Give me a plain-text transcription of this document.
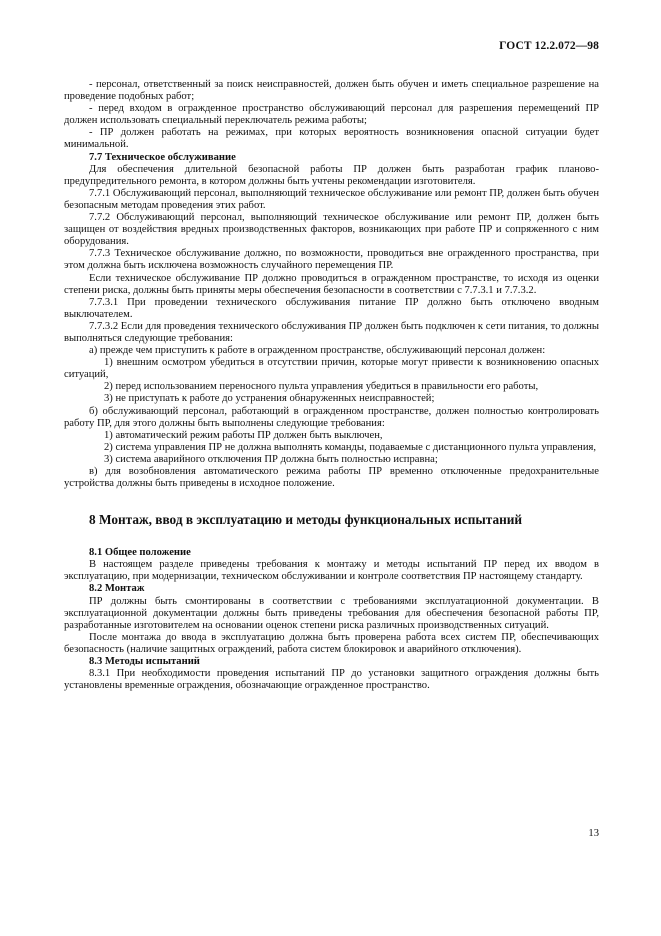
ГОСТ 12.2.072—98

- персонал, ответственный за поиск неисправностей, должен быть обучен и иметь специальное разрешение на проведение подобных работ;

- перед входом в огражденное пространство обслуживающий персонал для разрешения перемещений ПР должен использовать специальный переключатель режима работы;

- ПР должен работать на режимах, при которых вероятность возникновения опасной ситуации будет минимальной.

7.7 Техническое обслуживание

Для обеспечения длительной безопасной работы ПР должен быть разработан график планово-предупредительного ремонта, в котором должны быть учтены рекомендации изготовителя.

7.7.1 Обслуживающий персонал, выполняющий техническое обслуживание или ремонт ПР, должен быть обучен безопасным методам проведения этих работ.

7.7.2 Обслуживающий персонал, выполняющий техническое обслуживание или ремонт ПР, должен быть защищен от воздействия вредных производственных факторов, возникающих при работе ПР и сопряженного с ним оборудования.

7.7.3 Техническое обслуживание должно, по возможности, проводиться вне огражденного пространства, при этом должна быть исключена возможность случайного перемещения ПР.

Если техническое обслуживание ПР должно проводиться в огражденном пространстве, то исходя из оценки степени риска, должны быть приняты меры обеспечения безопасности в соответствии с 7.7.3.1 и 7.7.3.2.

7.7.3.1 При проведении технического обслуживания питание ПР должно быть отключено вводным выключателем.

7.7.3.2 Если для проведения технического обслуживания ПР должен быть подключен к сети питания, то должны выполняться следующие требования:

а) прежде чем приступить к работе в огражденном пространстве, обслуживающий персонал должен:

1) внешним осмотром убедиться в отсутствии причин, которые могут привести к возникновению опасных ситуаций,

2) перед использованием переносного пульта управления убедиться в правильности его работы,

3) не приступать к работе до устранения обнаруженных неисправностей;

б) обслуживающий персонал, работающий в огражденном пространстве, должен полностью контролировать работу ПР, для этого должны быть выполнены следующие требования:

1) автоматический режим работы ПР должен быть выключен,

2) система управления ПР не должна выполнять команды, подаваемые с дистанционного пульта управления,

3) система аварийного отключения ПР должна быть полностью исправна;

в) для возобновления автоматического режима работы ПР временно отключенные предохранительные устройства должны быть приведены в исходное положение.

8 Монтаж, ввод в эксплуатацию и методы функциональных испытаний

8.1 Общее положение

В настоящем разделе приведены требования к монтажу и методы испытаний ПР перед их вводом в эксплуатацию, при модернизации, техническом обслуживании и контроле соответствия ПР настоящему стандарту.

8.2 Монтаж

ПР должны быть смонтированы в соответствии с требованиями эксплуатационной документации. В эксплуатационной документации должны быть приведены требования для обеспечения безопасной работы ПР, разработанные изготовителем на основании оценок степени риска различных производственных ситуаций.

После монтажа до ввода в эксплуатацию должна быть проверена работа всех систем ПР, обеспечивающих безопасность (наличие защитных ограждений, работа систем блокировок и аварийного отключения).

8.3 Методы испытаний

8.3.1 При необходимости проведения испытаний ПР до установки защитного ограждения должны быть установлены временные ограждения, обозначающие огражденное пространство.

13
